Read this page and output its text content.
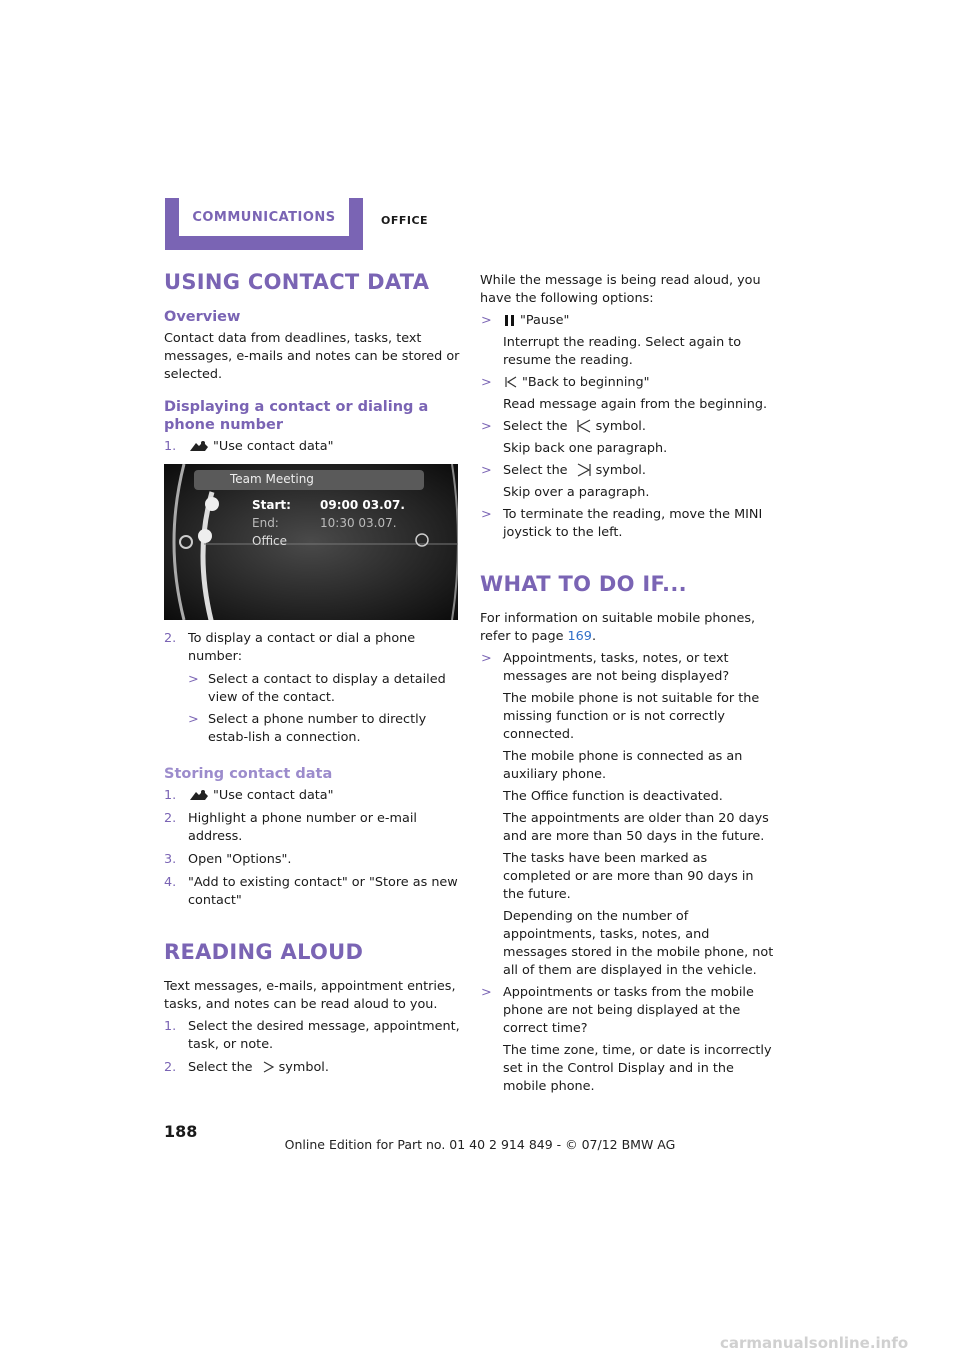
COMMUNICATIONS	OFFICE
USING CONTACT DATA
Overview

Contact data from deadlines, tasks, text messages, e-mails and notes can be stored or selected.

Displaying a contact or dialing a phone number
1.	"Use contact data"
Team Meeting
Start: 09:00 03.07.
End:	10:30 03.07.
Office
2. To display a contact or dial a phone number:
> Select a contact to display a detailed view of the contact.
> Select a phone number to directly estab-lish a connection.
Storing contact data
1.	"Use contact data"
2. Highlight a phone number or e-mail address.
3. Open "Options".
4. "Add to existing contact" or "Store as new contact"
READING ALOUD

Text messages, e-mails, appointment entries, tasks, and notes can be read aloud to you.

1. Select the desired message, appointment, task, or note.
2. Select the symbol.

While the message is being read aloud, you have the following options:

> "Pause"
Interrupt the reading. Select again to resume the reading.
> "Back to beginning"
Read message again from the beginning.
> Select the symbol.
Skip back one paragraph.
> Select the symbol.
Skip over a paragraph.
> To terminate the reading, move the MINI joystick to the left.
WHAT TO DO IF...

For information on suitable mobile phones, refer to page 169.

> Appointments, tasks, notes, or text messages are not being displayed?
The mobile phone is not suitable for the missing function or is not correctly connected.
The mobile phone is connected as an auxiliary phone.
The Office function is deactivated.
The appointments are older than 20 days and are more than 50 days in the future.
The tasks have been marked as completed or are more than 90 days in the future.
Depending on the number of appointments, tasks, notes, and messages stored in the mobile phone, not all of them are displayed in the vehicle.
> Appointments or tasks from the mobile phone are not being displayed at the correct time?
The time zone, time, or date is incorrectly set in the Control Display and in the mobile phone.
188
Online Edition for Part no. 01 40 2 914 849 - © 07/12 BMW AG
carmanualsonline.info
